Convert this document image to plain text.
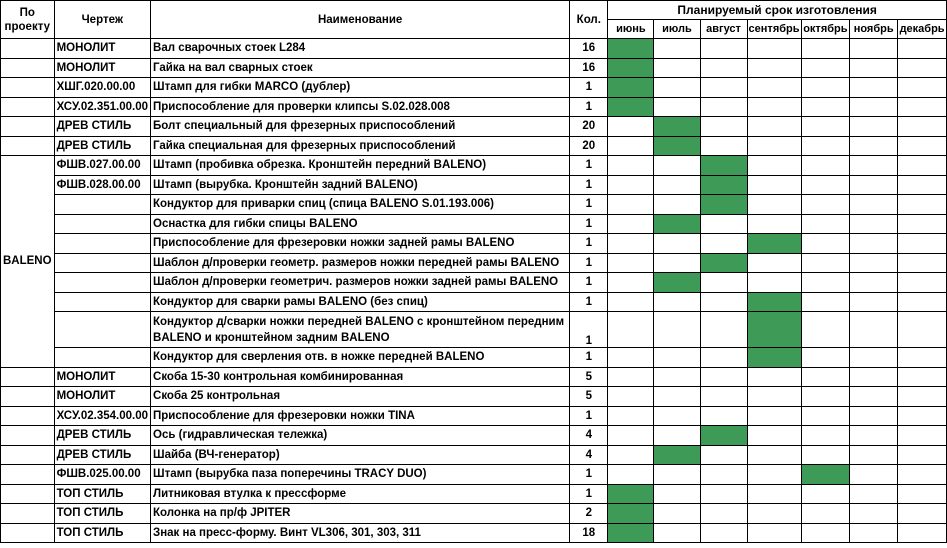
По проекту	Чертеж	Наименование	Кол.	Планируемый срок изготовления						
				июнь	июль	август	сентябрь	октябрь	ноябрь	декабрь
	МОНОЛИТ	Вал сварочных стоек L284	16							
	МОНОЛИТ	Гайка на вал сварных стоек	16							
	ХШГ.020.00.00	Штамп для гибки MARCO (дублер)	1							
	ХСУ.02.351.00.00	Приспособление для проверки клипсы S.02.028.008	1							
	ДРЕВ СТИЛЬ	Болт специальный для фрезерных приспособлений	20							
	ДРЕВ СТИЛЬ	Гайка специальная для фрезерных приспособлений	20							
BALENO	ФШВ.027.00.00	Штамп (пробивка обрезка. Кронштейн передний BALENO)	1							
	ФШВ.028.00.00	Штамп (вырубка. Кронштейн задний BALENO)	1							
		Кондуктор для приварки спиц (спица BALENO S.01.193.006)	1							
		Оснастка для гибки спицы BALENO	1							
		Приспособление для фрезеровки ножки задней рамы BALENO	1							
		Шаблон д/проверки геометр. размеров ножки передней рамы BALENO	1							
		Шаблон д/проверки геометрич. размеров ножки задней рамы BALENO	1							
		Кондуктор для сварки рамы BALENO (без спиц)	1							
		Кондуктор д/сварки ножки передней BALENO с кронштейном передним BALENO и кронштейном задним BALENO	1							
		Кондуктор для сверления отв. в ножке передней BALENO	1							
	МОНОЛИТ	Скоба 15-30 контрольная комбинированная	5							
	МОНОЛИТ	Скоба 25 контрольная	5							
	ХСУ.02.354.00.00	Приспособление для фрезеровки ножки TINA	1							
	ДРЕВ СТИЛЬ	Ось (гидравлическая тележка)	4							
	ДРЕВ СТИЛЬ	Шайба (ВЧ-генератор)	4							
	ФШВ.025.00.00	Штамп (вырубка паза поперечины TRACY DUO)	1							
	ТОП СТИЛЬ	Литниковая втулка к прессформе	1							
	ТОП СТИЛЬ	Колонка на пр/ф JPITER	2							
	ТОП СТИЛЬ	Знак на пресс-форму. Винт VL306, 301, 303, 311	18							
